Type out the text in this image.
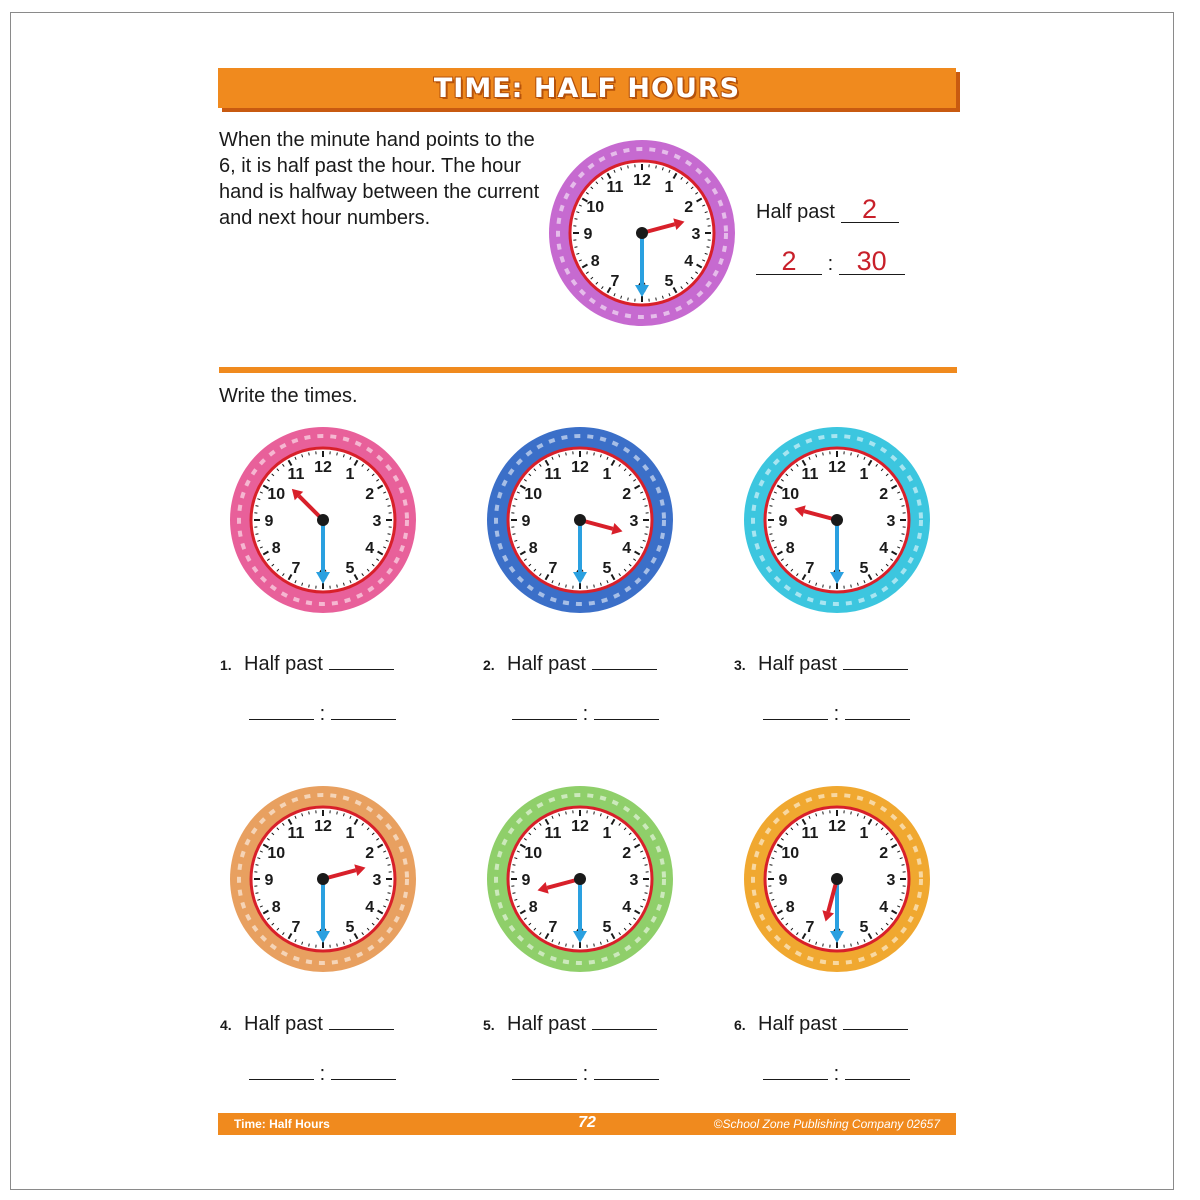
TIME: HALF HOURS
When the minute hand points to the 6, it is half past the hour. The hour hand is halfway between the current and next hour numbers.
12 1
2
3
4
5
7
8
9
10
11
Half past 2
2 : 30
Write the times.
12 1
2
3
4
5
7
8
9
10
11	12 1
2
3
4
5
7
8
9
10
11	12 1
2
3
4
5
7
8
9
10
11
12 1
2
3
4
5
7
8
9
10
11	12 1
2
3
4
5
7
8
9
10
11	12 1
2
3
4
5
7
8
9
10
11
1. Half past
:
2. Half past
:
3. Half past
:
4. Half past
:
5. Half past
:
6. Half past
:
Time: Half Hours	72	©School Zone Publishing Company 02657
